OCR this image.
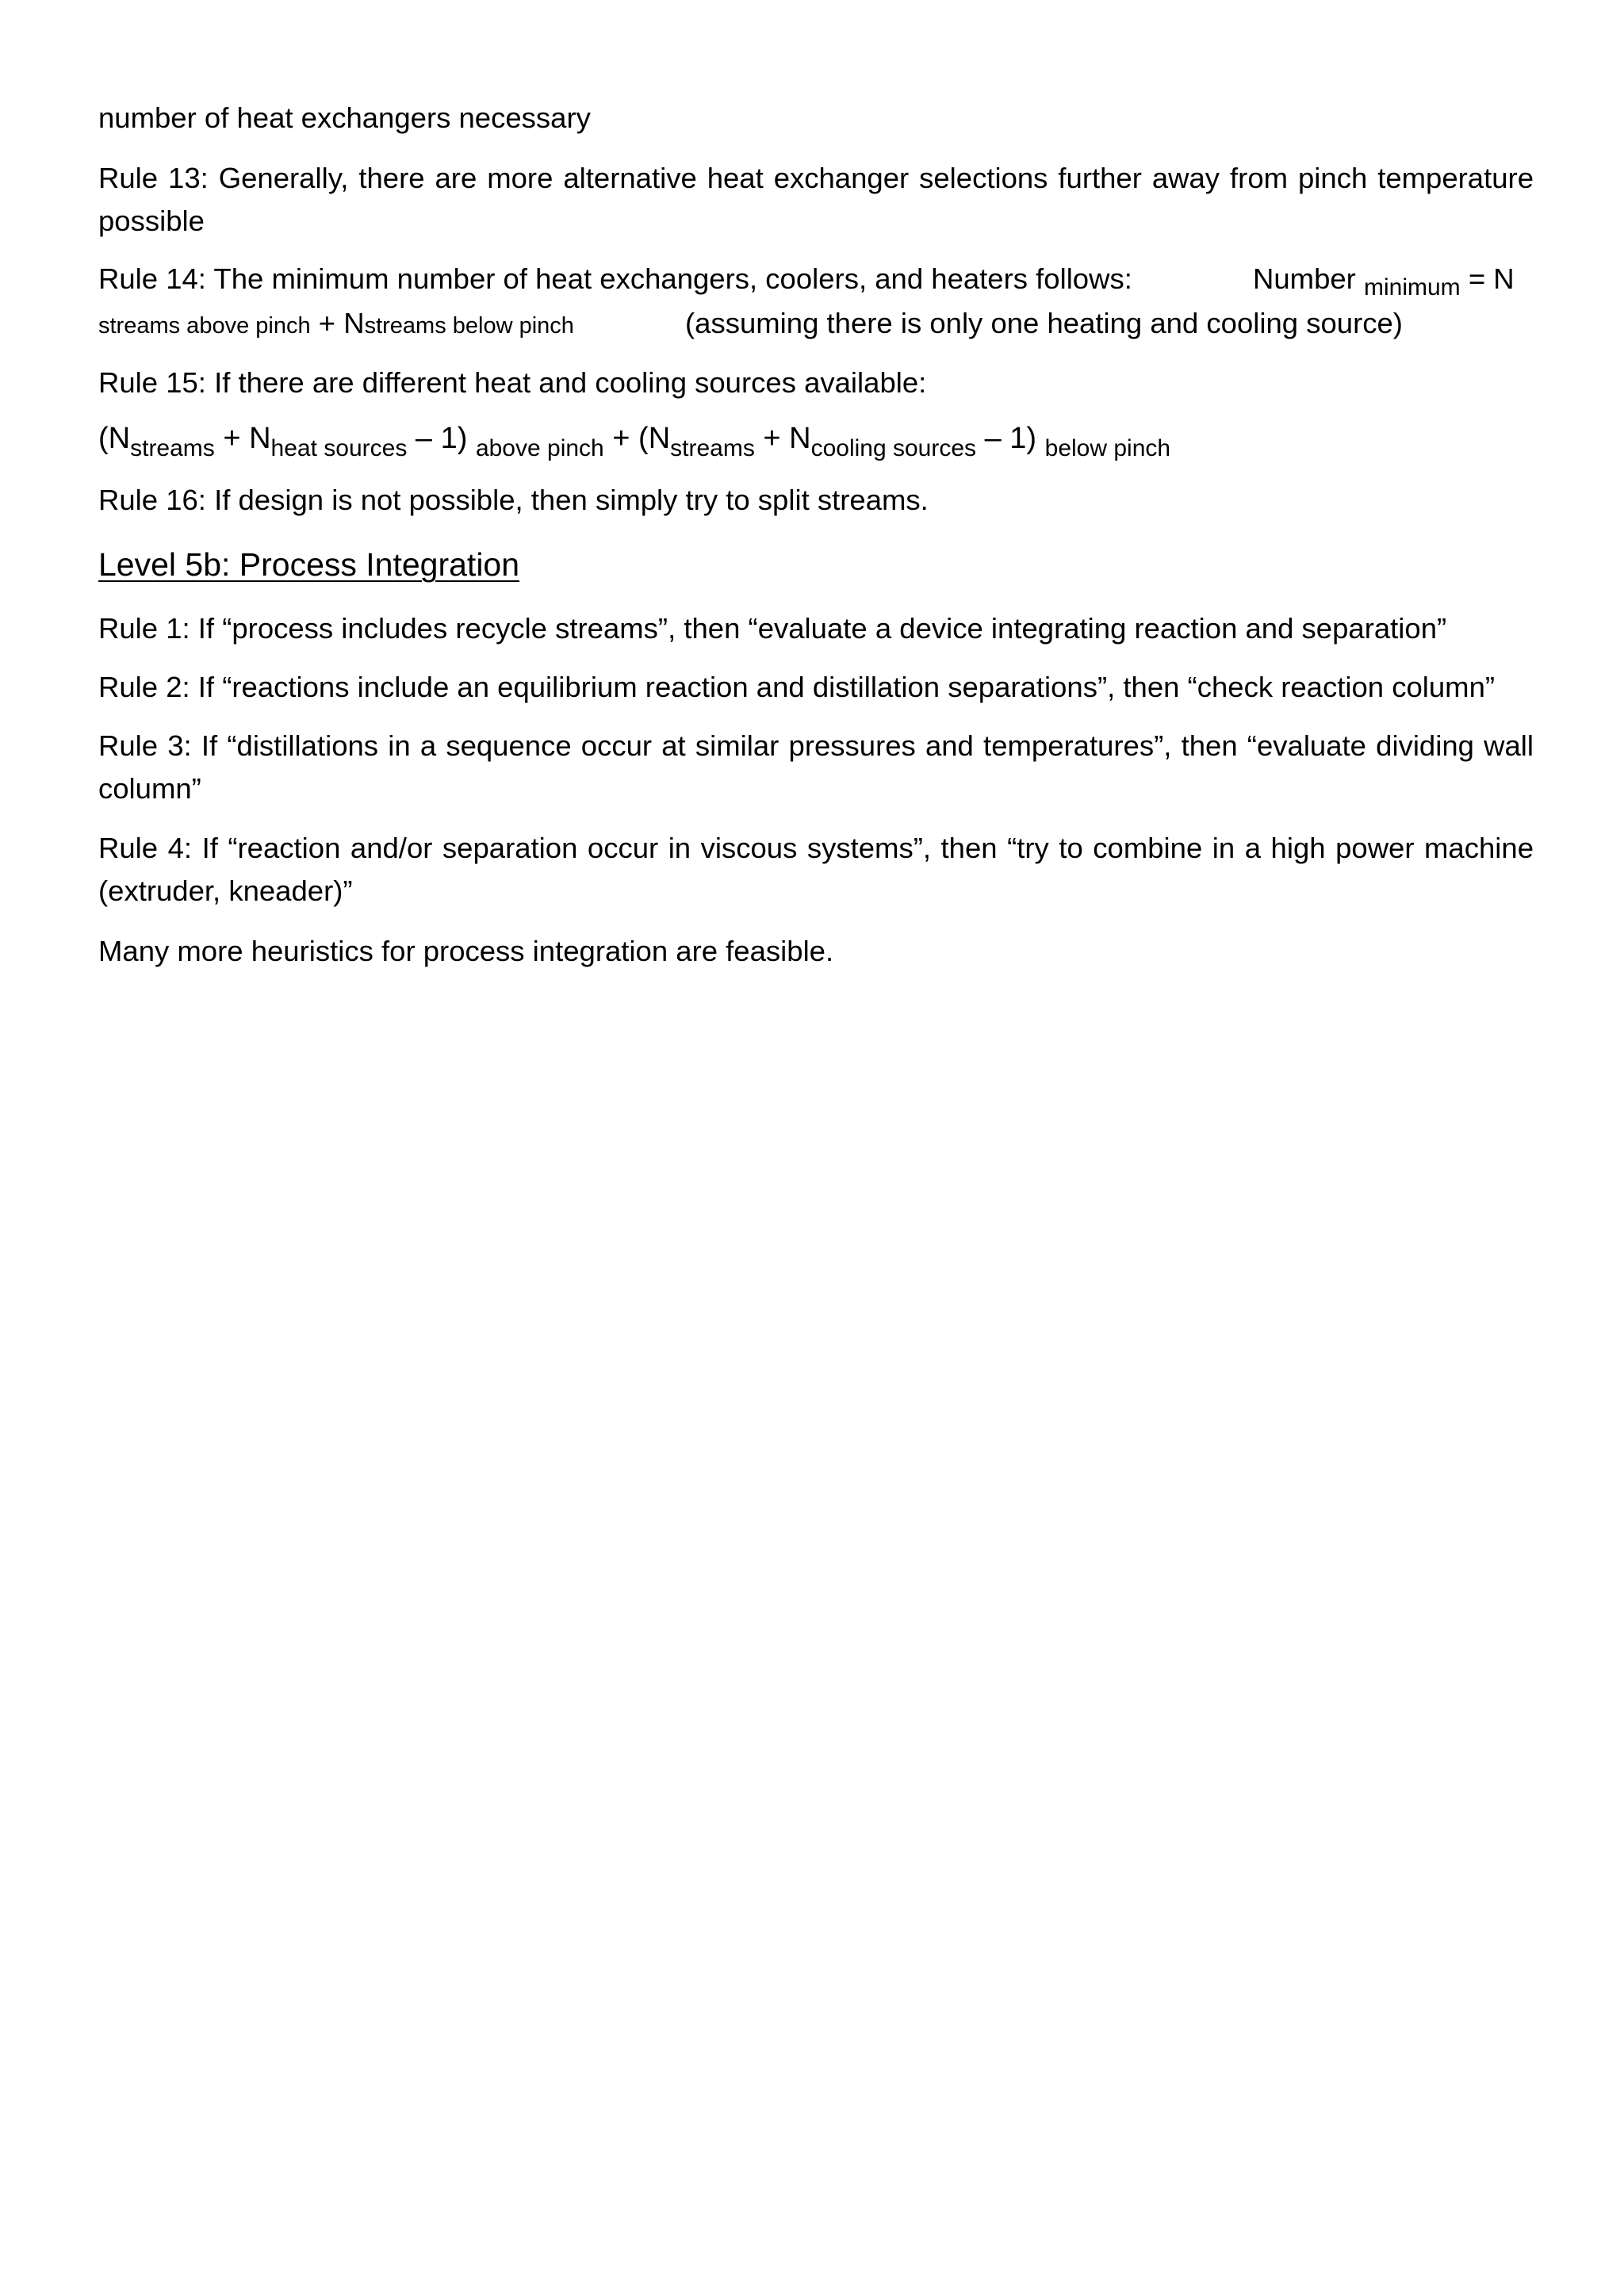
number of heat exchangers necessary

Rule 13: Generally, there are more alternative heat exchanger selections further away from pinch temperature possible

Rule 14: The minimum number of heat exchangers, coolers, and heaters follows:	Number $_{minimum}$ = N
streams above pinch + Nstreams below pinch	(assuming there is only one heating and cooling source)

Rule 15: If there are different heat and cooling sources available:

$(N_{streams} + N_{heat sources} - 1) _{above pinch} + (N_{streams} + N_{cooling sources} - 1)$ $_{below pinch}$

Rule 16: If design is not possible, then simply try to split streams.

Level 5b: Process Integration

Rule 1: If “process includes recycle streams”, then “evaluate a device integrating reaction and separation”

Rule 2: If “reactions include an equilibrium reaction and distillation separations”, then “check reaction column”

Rule 3: If “distillations in a sequence occur at similar pressures and temperatures”, then “evaluate dividing wall column”

Rule 4: If “reaction and/or separation occur in viscous systems”, then “try to combine in a high power machine (extruder, kneader)”

Many more heuristics for process integration are feasible.
